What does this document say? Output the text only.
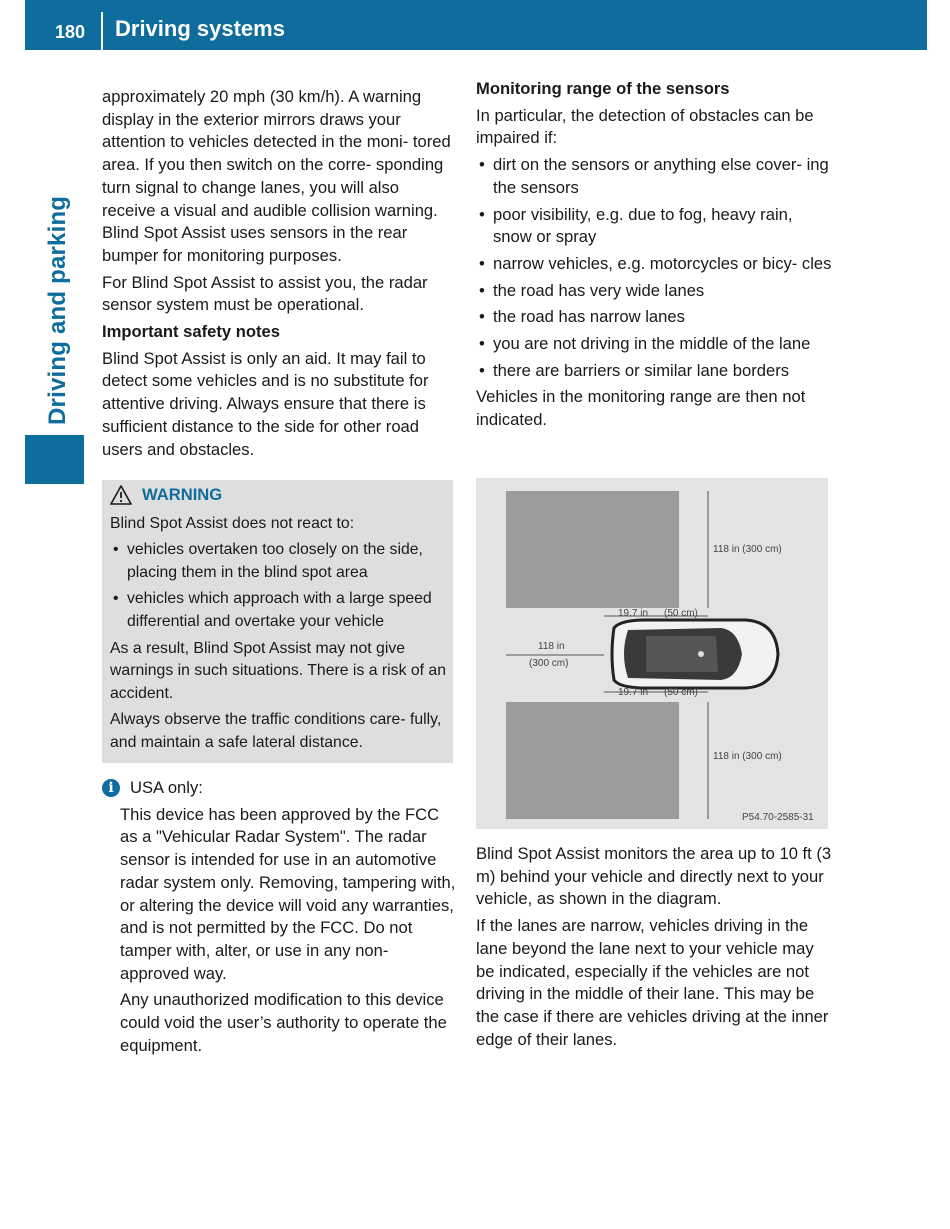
180 Driving systems
Driving and parking

approximately 20 mph (30 km/h). A warning display in the exterior mirrors draws your attention to vehicles detected in the moni- tored area. If you then switch on the corre- sponding turn signal to change lanes, you will also receive a visual and audible collision warning. Blind Spot Assist uses sensors in the rear bumper for monitoring purposes.

For Blind Spot Assist to assist you, the radar sensor system must be operational.

Important safety notes

Blind Spot Assist is only an aid. It may fail to detect some vehicles and is no substitute for attentive driving. Always ensure that there is sufficient distance to the side for other road users and obstacles.

WARNING

Blind Spot Assist does not react to:

• vehicles overtaken too closely on the side, placing them in the blind spot area
• vehicles which approach with a large speed differential and overtake your vehicle

As a result, Blind Spot Assist may not give warnings in such situations. There is a risk of an accident.

Always observe the traffic conditions care- fully, and maintain a safe lateral distance.

i USA only:

This device has been approved by the FCC as a "Vehicular Radar System". The radar sensor is intended for use in an automotive radar system only. Removing, tampering with, or altering the device will void any warranties, and is not permitted by the FCC. Do not tamper with, alter, or use in any non-approved way.

Any unauthorized modification to this device could void the user’s authority to operate the equipment.

Monitoring range of the sensors

In particular, the detection of obstacles can be impaired if:

• dirt on the sensors or anything else cover- ing the sensors
• poor visibility, e.g. due to fog, heavy rain, snow or spray
• narrow vehicles, e.g. motorcycles or bicy- cles
• the road has very wide lanes
• the road has narrow lanes
• you are not driving in the middle of the lane
• there are barriers or similar lane borders

Vehicles in the monitoring range are then not indicated.

118 in (300 cm)
19.7 in (50 cm)
118 in
(300 cm)
19.7 in (50 cm)
118 in (300 cm)
P54.70-2585-31

Blind Spot Assist monitors the area up to 10 ft (3 m) behind your vehicle and directly next to your vehicle, as shown in the diagram.

If the lanes are narrow, vehicles driving in the lane beyond the lane next to your vehicle may be indicated, especially if the vehicles are not driving in the middle of their lane. This may be the case if there are vehicles driving at the inner edge of their lanes.
